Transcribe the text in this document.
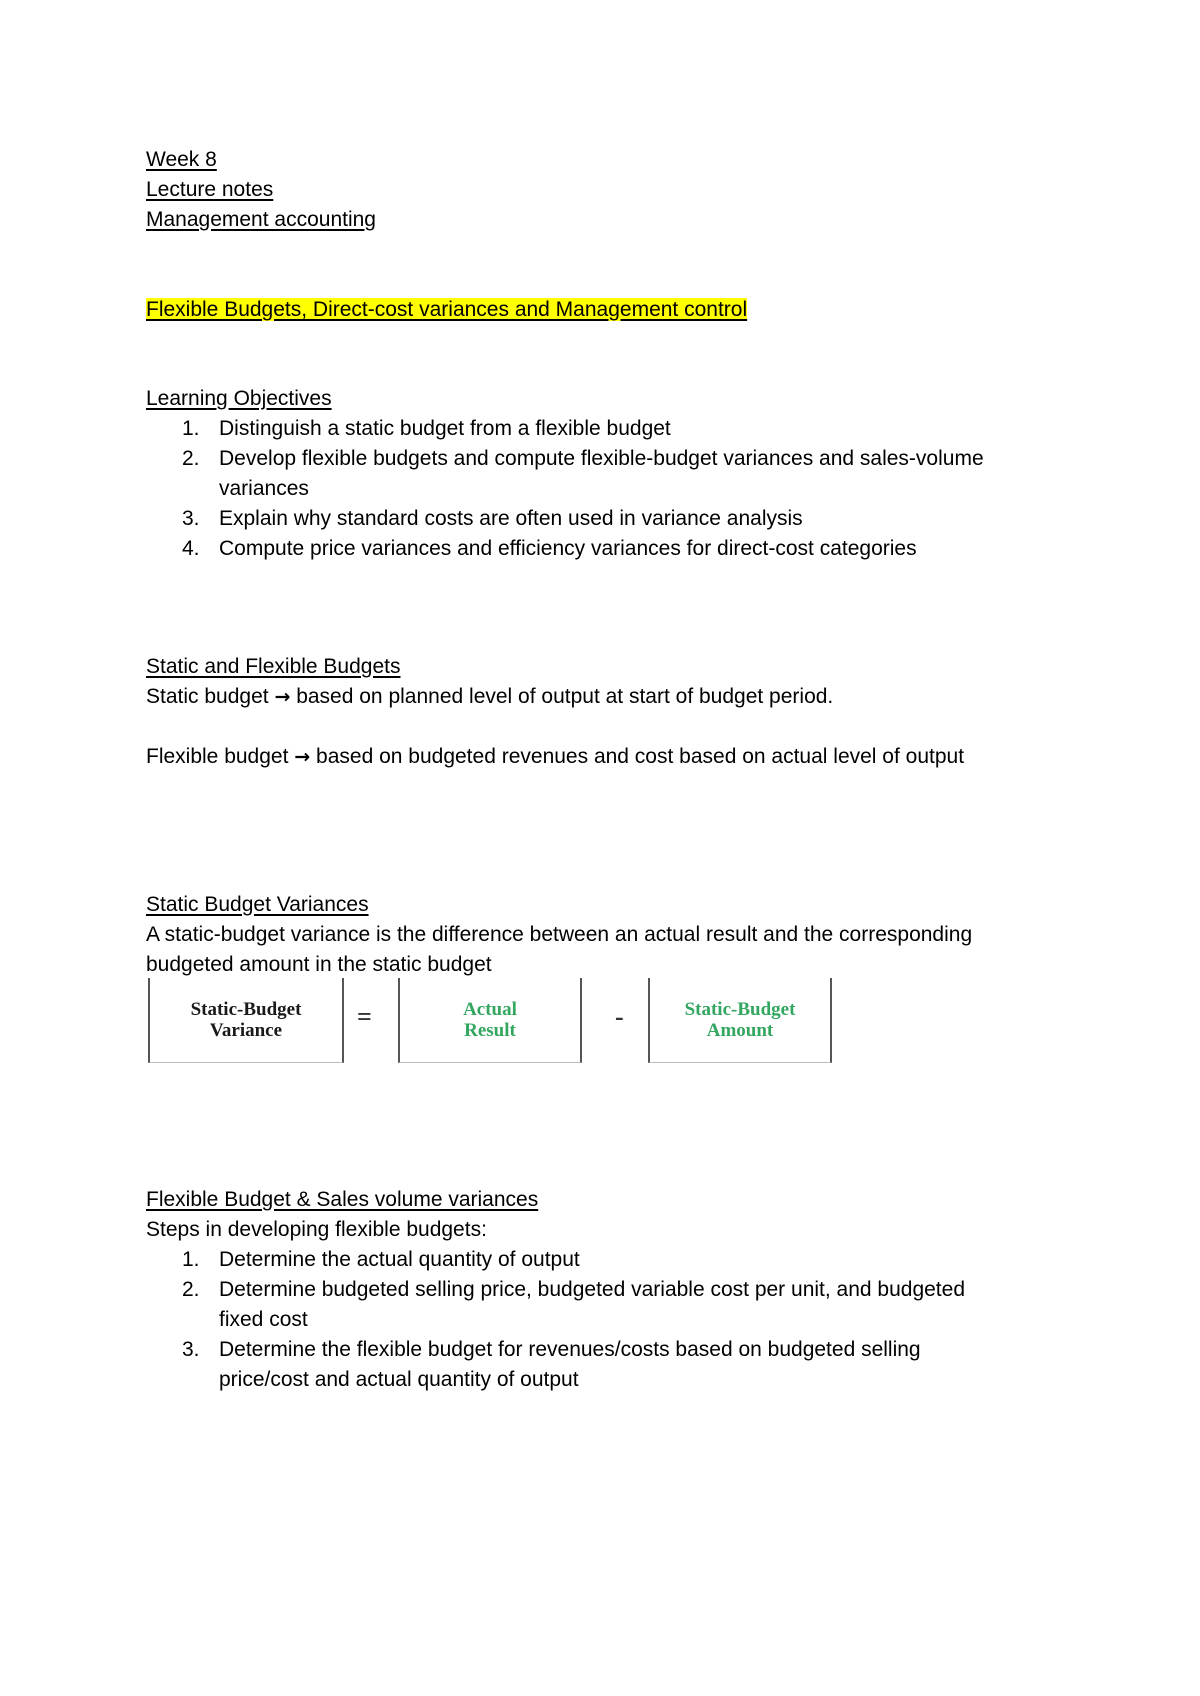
Week 8
Lecture notes
Management accounting
Flexible Budgets, Direct-cost variances and Management control
Learning Objectives
1. Distinguish a static budget from a flexible budget
2. Develop flexible budgets and compute flexible-budget variances and sales-volume
variances
3. Explain why standard costs are often used in variance analysis
4. Compute price variances and efficiency variances for direct-cost categories
Static and Flexible Budgets
Static budget → based on planned level of output at start of budget period.
Flexible budget → based on budgeted revenues and cost based on actual level of output
Static Budget Variances
A static-budget variance is the difference between an actual result and the corresponding
budgeted amount in the static budget
Static-Budget
Variance	=	Actual
Result	-	Static-Budget
Amount
Flexible Budget & Sales volume variances
Steps in developing flexible budgets:
1. Determine the actual quantity of output
2. Determine budgeted selling price, budgeted variable cost per unit, and budgeted
fixed cost
3. Determine the flexible budget for revenues/costs based on budgeted selling
price/cost and actual quantity of output
